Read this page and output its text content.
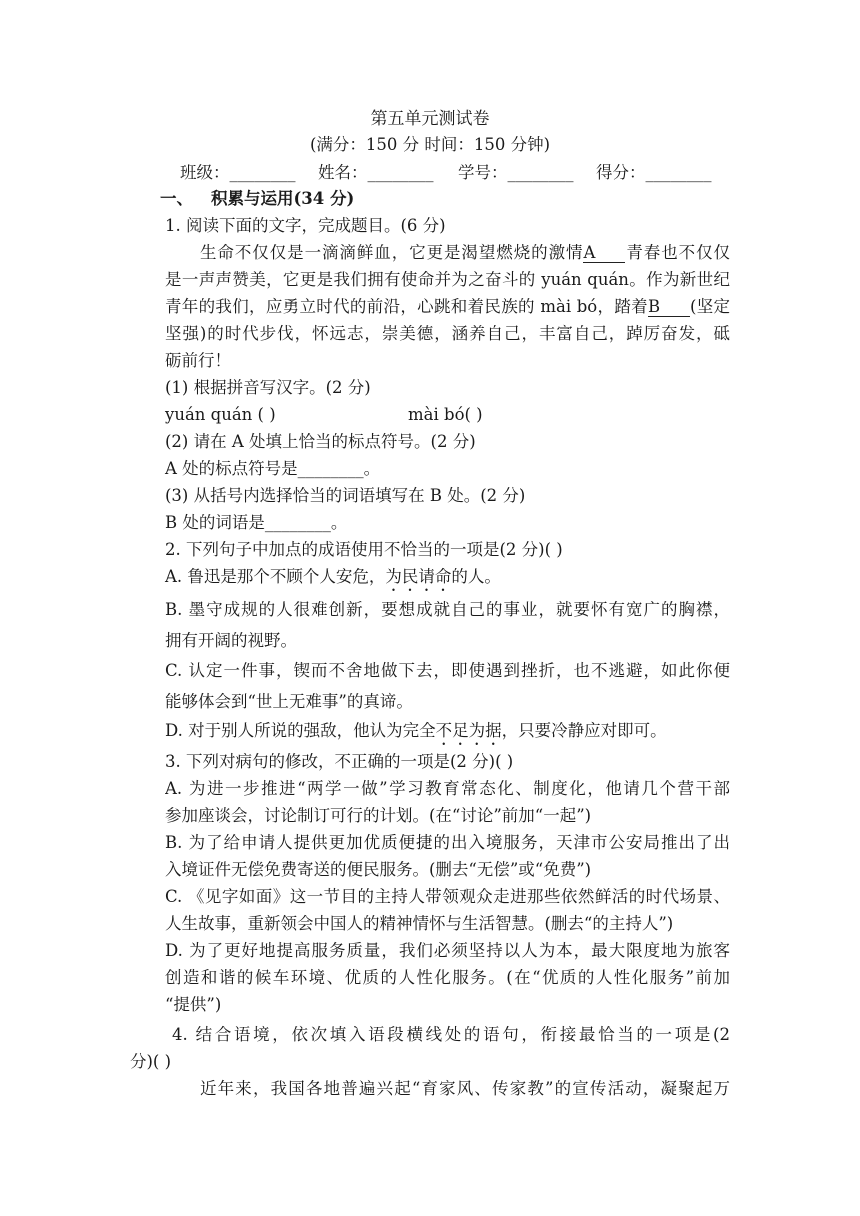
第五单元测试卷
(满分：150 分 时间：150 分钟)
班级：________ 姓名：________ 学号：________ 得分：________
一、 积累与运用(34 分)
1. 阅读下面的文字，完成题目。(6 分)
生命不仅仅是一滴滴鲜血，它更是渴望燃烧的激情A 青春也不仅仅
是一声声赞美，它更是我们拥有使命并为之奋斗的 yuán quán。作为新世纪
青年的我们，应勇立时代的前沿，心跳和着民族的 mài bó，踏着B (坚定
坚强)的时代步伐，怀远志，崇美德，涵养自己，丰富自己，踔厉奋发，砥
砺前行！
(1) 根据拼音写汉字。(2 分)
yuán quán ( )	mài bó( )
(2) 请在 A 处填上恰当的标点符号。(2 分)
A 处的标点符号是________。
(3) 从括号内选择恰当的词语填写在 B 处。(2 分)
B 处的词语是________。
2. 下列句子中加点的成语使用不恰当的一项是(2 分)( )
A. 鲁迅是那个不顾个人安危，为民请命的人。
B. 墨守成规的人很难创新，要想成就自己的事业，就要怀有宽广的胸襟，
拥有开阔的视野。
C. 认定一件事，锲而不舍地做下去，即使遇到挫折，也不逃避，如此你便
能够体会到“世上无难事”的真谛。
D. 对于别人所说的强敌，他认为完全不足为据，只要冷静应对即可。
3. 下列对病句的修改，不正确的一项是(2 分)( )
A. 为进一步推进“两学一做”学习教育常态化、制度化，他请几个营干部
参加座谈会，讨论制订可行的计划。(在“讨论”前加“一起”)
B. 为了给申请人提供更加优质便捷的出入境服务，天津市公安局推出了出
入境证件无偿免费寄送的便民服务。(删去“无偿”或“免费”)
C. 《见字如面》这一节目的主持人带领观众走进那些依然鲜活的时代场景、
人生故事，重新领会中国人的精神情怀与生活智慧。(删去“的主持人”)
D. 为了更好地提高服务质量，我们必须坚持以人为本，最大限度地为旅客
创造和谐的候车环境、优质的人性化服务。(在“优质的人性化服务”前加
“提供”)
4. 结合语境，依次填入语段横线处的语句，衔接最恰当的一项是(2
分)( )
近年来，我国各地普遍兴起“育家风、传家教”的宣传活动，凝聚起万
